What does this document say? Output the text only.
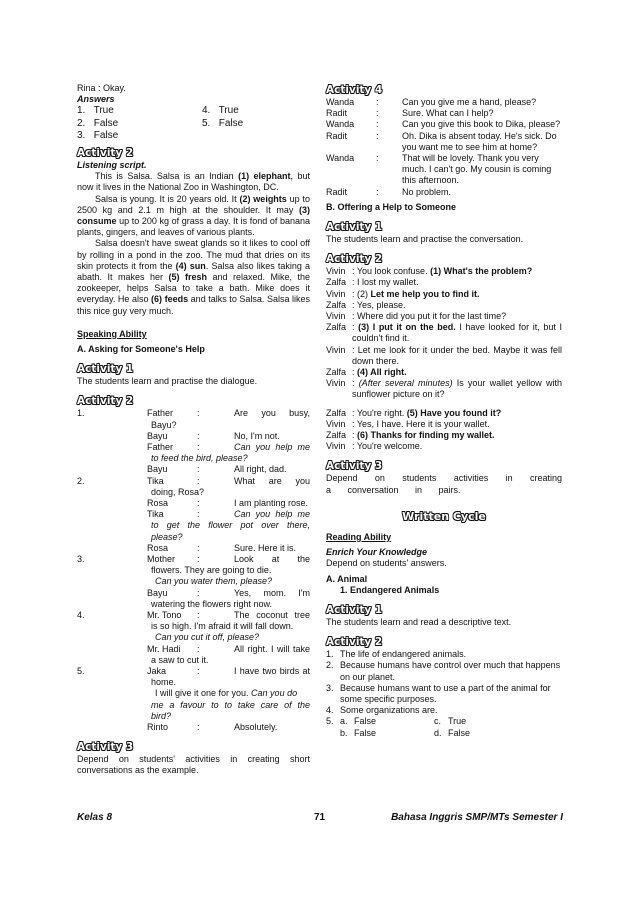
Rina : Okay.

Answers

1. True	4. True
2. False	5. False
3. False
Activity 2

Listening script.

This is Salsa. Salsa is an Indian (1) elephant, but now it lives in the National Zoo in Washington, DC.

Salsa is young. It is 20 years old. It (2) weights up to 2500 kg and 2.1 m high at the shoulder. It may (3) consume up to 200 kg of grass a day. It is fond of banana plants, gingers, and leaves of various plants.

Salsa doesn't have sweat glands so it likes to cool off by rolling in a pond in the zoo. The mud that dries on its skin protects it from the (4) sun. Salsa also likes taking a abath. It makes her (5) fresh and relaxed. Mike, the zookeeper, helps Salsa to take a bath. Mike does it everyday. He also (6) feeds and talks to Salsa. Salsa likes this nice guy very much.

Speaking Ability

A. Asking for Someone's Help

Activity 1

The students learn and practise the dialogue.

Activity 2
1.	Father	:	Are you busy,
Bayu?
Bayu	:	No, I'm not.
Father	:	Can you help me
to feed the bird, please?
Bayu	:	All right, dad.
2.	Tika	:	What are you
doing, Rosa?
Rosa	:	I am planting rose.
Tika	:	Can you help me
to get the flower pot over there,
please?
Rosa	:	Sure. Here it is.
3.	Mother	:	Look at the
flowers. They are going to die.
Can you water them, please?
Bayu	:	Yes, mom. I'm
watering the flowers right now.
4.	Mr. Tono	:	The coconut tree
is so high. I'm afraid it will fall down.
Can you cut it off, please?
Mr. Hadi	:	All right. I will take
a saw to cut it.
5.	Jaka	:	I have two birds at
home.
I will give it one for you. Can you do
me a favour to to take care of the
bird?
Rinto	:	Absolutely.
Activity 3

Depend on students' activities in creating short conversations as the example.

Activity 4
Wanda	:	Can you give me a hand, please?
Radit	:	Sure. What can I help?
Wanda	:	Can you give this book to Dika, please?
Radit	:	Oh. Dika is absent today. He's sick. Do you want me to see him at home?
Wanda	:	That will be lovely. Thank you very much. I can't go. My cousin is coming this afternoon.
Radit	:	No problem.

B. Offering a Help to Someone

Activity 1

The students learn and practise the conversation.

Activity 2
Vivin : You look confuse. (1) What's the problem?
Zalfa : I lost my wallet.
Vivin : (2) Let me help you to find it.
Zalfa : Yes, please.
Vivin : Where did you put it for the last time?
Zalfa : (3) I put it on the bed. I have looked for it, but I couldn't find it.
Vivin : Let me look for it under the bed. Maybe it was fell down there.
Zalfa : (4) All right.
Vivin : (After several minutes) Is your wallet yellow with sunflower picture on it?
Zalfa : You're right. (5) Have you found it?
Vivin : Yes, I have. Here it is your wallet.
Zalfa : (6) Thanks for finding my wallet.
Vivin : You're welcome.
Activity 3

Depend on students activities in creating a conversation in pairs.

Written Cycle

Reading Ability

Enrich Your Knowledge

Depend on students' answers.

A. Animal

1. Endangered Animals

Activity 1

The students learn and read a descriptive text.

Activity 2
1. The life of endangered animals.
2. Because humans have control over much that happens on our planet.
3. Because humans want to use a part of the animal for some specific purposes.
4. Some organizations are.
5. a. False	c. True
b. False	d. False
Kelas 8	71	Bahasa Inggris SMP/MTs Semester I
